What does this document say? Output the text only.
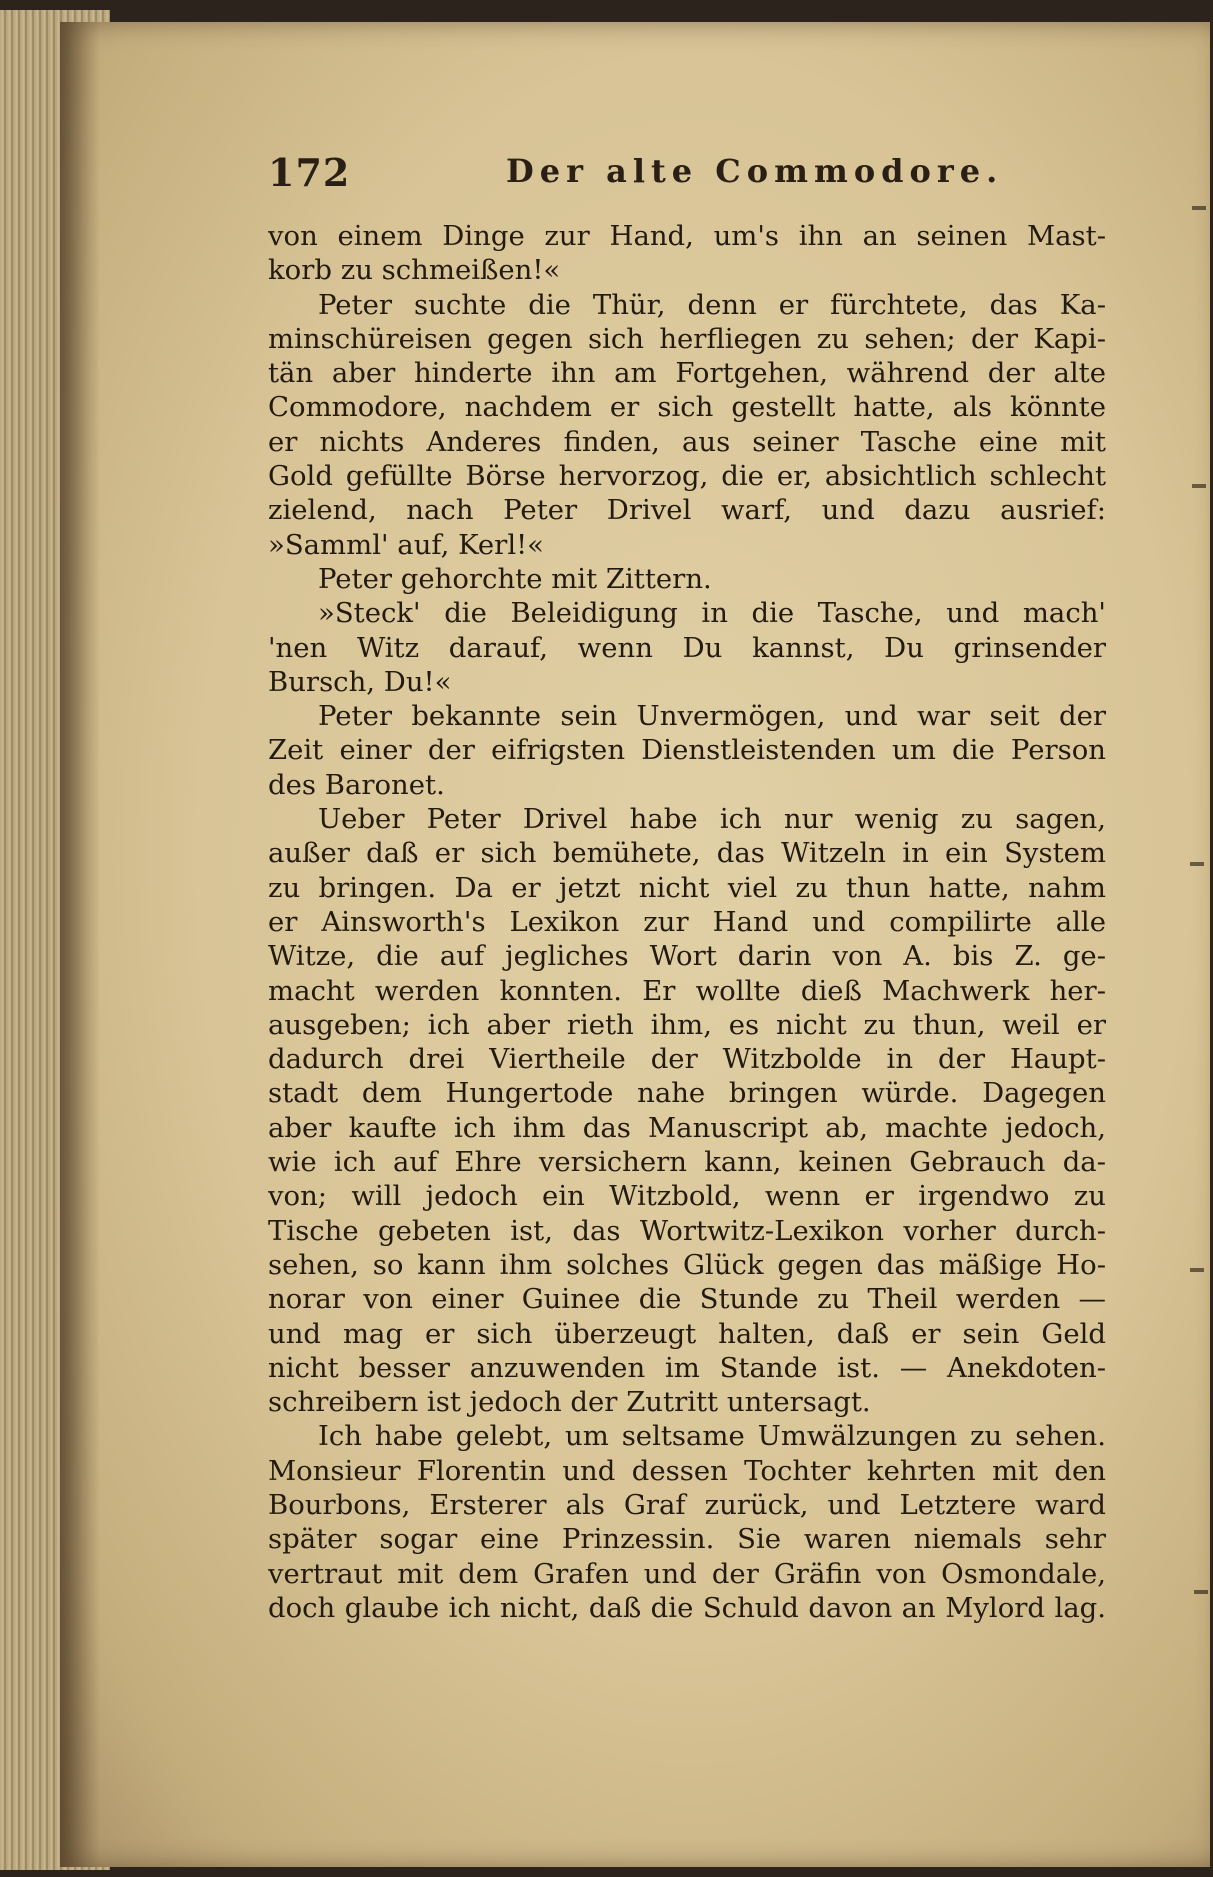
172	Der alte Commodore.
von einem Dinge zur Hand, um's ihn an seinen Mast-
korb zu schmeißen!«
Peter suchte die Thür, denn er fürchtete, das Ka-
minschüreisen gegen sich herfliegen zu sehen; der Kapi-
tän aber hinderte ihn am Fortgehen, während der alte
Commodore, nachdem er sich gestellt hatte, als könnte
er nichts Anderes finden, aus seiner Tasche eine mit
Gold gefüllte Börse hervorzog, die er, absichtlich schlecht
zielend, nach Peter Drivel warf, und dazu ausrief:
»Samml' auf, Kerl!«
Peter gehorchte mit Zittern.
»Steck' die Beleidigung in die Tasche, und mach'
'nen Witz darauf, wenn Du kannst, Du grinsender
Bursch, Du!«
Peter bekannte sein Unvermögen, und war seit der
Zeit einer der eifrigsten Dienstleistenden um die Person
des Baronet.
Ueber Peter Drivel habe ich nur wenig zu sagen,
außer daß er sich bemühete, das Witzeln in ein System
zu bringen. Da er jetzt nicht viel zu thun hatte, nahm
er Ainsworth's Lexikon zur Hand und compilirte alle
Witze, die auf jegliches Wort darin von A. bis Z. ge-
macht werden konnten. Er wollte dieß Machwerk her-
ausgeben; ich aber rieth ihm, es nicht zu thun, weil er
dadurch drei Viertheile der Witzbolde in der Haupt-
stadt dem Hungertode nahe bringen würde. Dagegen
aber kaufte ich ihm das Manuscript ab, machte jedoch,
wie ich auf Ehre versichern kann, keinen Gebrauch da-
von; will jedoch ein Witzbold, wenn er irgendwo zu
Tische gebeten ist, das Wortwitz-Lexikon vorher durch-
sehen, so kann ihm solches Glück gegen das mäßige Ho-
norar von einer Guinee die Stunde zu Theil werden —
und mag er sich überzeugt halten, daß er sein Geld
nicht besser anzuwenden im Stande ist. — Anekdoten-
schreibern ist jedoch der Zutritt untersagt.
Ich habe gelebt, um seltsame Umwälzungen zu sehen.
Monsieur Florentin und dessen Tochter kehrten mit den
Bourbons, Ersterer als Graf zurück, und Letztere ward
später sogar eine Prinzessin. Sie waren niemals sehr
vertraut mit dem Grafen und der Gräfin von Osmondale,
doch glaube ich nicht, daß die Schuld davon an Mylord lag.
